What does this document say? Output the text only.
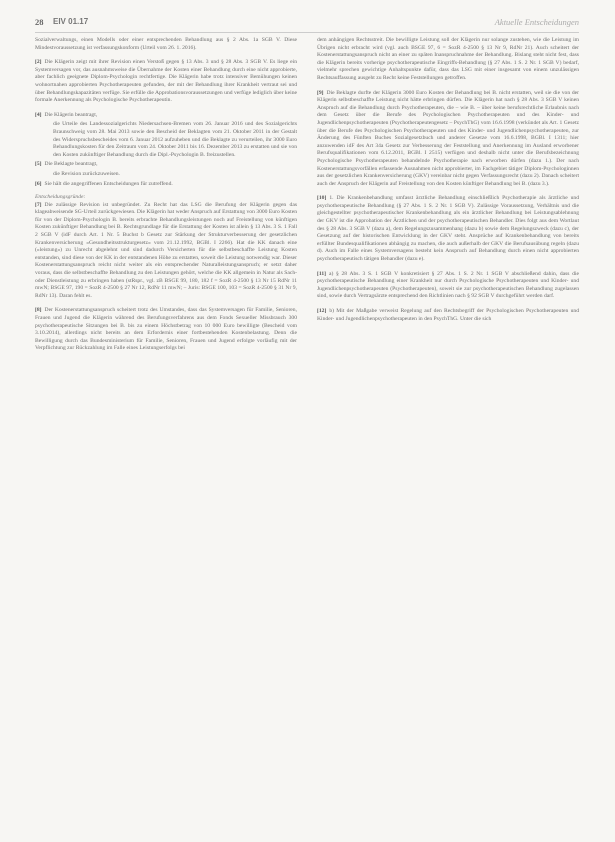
28 EIV 01.17	Aktuelle Entscheidungen

Sozialverwaltungs, einen Modells oder einer entsprechenden Behandlung aus § 2 Abs. 1a SGB V. Diese Mindestvoraussetzung ist verfassungskonform (Urteil vom 26. 1. 2016).

[2] Die Klägerin zeigt mit ihrer Revision einen Verstoß gegen § 13 Abs. 3 und § 28 Abs. 3 SGB V. Es liege ein Systemversagen vor, das ausnahmsweise die Übernahme der Kosten einer Behandlung durch eine nicht approbierte, aber fachlich geeignete Diplom-Psychologin rechtfertige. Die Klägerin habe trotz intensiver Bemühungen keinen wohnortnahen approbierten Psychotherapeuten gefunden, der mit der Behandlung ihrer Krankheit vertraut sei und über Behandlungskapazitäten verfüge. Sie erfülle die Approbationsvoraussetzungen und verfüge lediglich über keine formale Anerkennung als Psychologische Psychotherapeutin.

[4] Die Klägerin beantragt,

die Urteile des Landessozialgerichts Niedersachsen-Bremen vom 26. Januar 2016 und des Sozialgerichts Braunschweig vom 28. Mai 2013 sowie den Bescheid der Beklagten vom 21. Oktober 2011 in der Gestalt des Widerspruchsbescheides vom 6. Januar 2012 aufzuheben und die Beklagte zu verurteilen, ihr 3000 Euro Behandlungskosten für den Zeitraum vom 24. Oktober 2011 bis 16. Dezember 2013 zu erstatten und sie von den Kosten zukünftiger Behandlung durch die Dipl.-Psychologin B. freizustellen.

[5] Die Beklagte beantragt,

die Revision zurückzuweisen.

[6] Sie hält die angegriffenen Entscheidungen für zutreffend.

Entscheidungsgründe:

[7] Die zulässige Revision ist unbegründet. Zu Recht hat das LSG die Berufung der Klägerin gegen das klageabweisende SG-Urteil zurückgewiesen. Die Klägerin hat weder Anspruch auf Erstattung von 3000 Euro Kosten für von der Diplom-Psychologin B. bereits erbrachte Behandlungsleistungen noch auf Freistellung von künftigen Kosten zukünftiger Behandlung bei B. Rechtsgrundlage für die Erstattung der Kosten ist allein § 13 Abs. 3 S. 1 Fall 2 SGB V (idF durch Art. 1 Nr. 5 Buchst b Gesetz zur Stärkung der Strukturverbesserung der gesetzlichen Krankenversicherung »Gesundheitsstrukturgesetz« vom 21.12.1992, BGBl. I 2266). Hat die KK danach eine (»leistung«) zu Unrecht abgelehnt und sind dadurch Versicherten für die selbstbeschaffte Leistung Kosten entstanden, sind diese von der KK in der entstandenen Höhe zu erstatten, soweit die Leistung notwendig war. Dieser Kostenerstattungsanspruch reicht nicht weiter als ein entsprechender Naturalleistungsanspruch; er setzt daher voraus, dass die selbstbeschaffte Behandlung zu den Leistungen gehört, welche die KK allgemein in Natur als Sach- oder Dienstleistung zu erbringen haben (stRspr., vgl. zB BSGE 99, 180, 182 f = SozR 4-2500 § 13 Nr 15 RdNr 11 mwN; BSGE 97, 190 = SozR 4-2500 § 27 Nr 12, RdNr 11 mwN; – Juris: BSGE 100, 103 = SozR 4-2500 § 31 Nr 9, RdNr 13). Daran fehlt es.

[8] Der Kostenerstattungsanspruch scheitert trotz des Umstandes, dass das Systemversagen für Familie, Senioren, Frauen und Jugend die Klägerin während des Berufungsverfahrens aus dem Fonds Sexueller Missbrauch 300 psychotherapeutische Sitzungen bei B. bis zu einem Höchstbetrag von 10 000 Euro bewilligte (Bescheid vom 3.10.2014), allerdings nicht bereits an dem Erfordernis einer fortbestehenden Kostenbelastung. Denn die Bewilligung durch das Bundesministerium für Familie, Senioren, Frauen und Jugend erfolgte vorläufig mit der Verpflichtung zur Rückzahlung im Falle eines Leistungserfolgs bei

dem anhängigen Rechtsstreit. Die bewilligte Leistung soll der Klägerin nur solange zustehen, wie die Leistung im Übrigen nicht erbracht wird (vgl. auch BSGE 97, 6 = SozR 4-2500 § 13 Nr 9, RdNr 21). Auch scheitert der Kostenerstattungsanspruch nicht an einer zu späten Inanspruchnahme der Behandlung. Bislang steht nicht fest, dass die Klägerin bereits vorherige psychotherapeutische Eingriffs-Behandlung (§ 27 Abs. 1 S. 2 Nr. 1 SGB V) bedarf, vielmehr sprechen gewichtige Anhaltspunkte dafür, dass das LSG mit einer insgesamt von einem unzulässigen Rechtsauffassung ausgeht zu Recht keine Feststellungen getroffen.

[9] Die Beklagte durfte der Klägerin 3000 Euro Kosten der Behandlung bei B. nicht erstatten, weil sie die von der Klägerin selbstbeschaffte Leistung nicht hätte erbringen dürfen. Die Klägerin hat nach § 28 Abs. 3 SGB V keinen Anspruch auf die Behandlung durch Psychotherapeuten, die – wie B. – über keine berufsrechtliche Erlaubnis nach dem Gesetz über die Berufe des Psychologischen Psychotherapeuten und des Kinder- und Jugendlichenpsychotherapeuten (Psychotherapeutengesetz – PsychThG) vom 16.6.1998 (verkündet als Art. 1 Gesetz über die Berufe des Psychologischen Psychotherapeuten und des Kinder- und Jugendlichenpsychotherapeuten, zur Änderung des Fünften Buches Sozialgesetzbuch und anderer Gesetze vom 16.6.1998, BGBl. I 1311; hier anzuwenden idF des Art 34a Gesetz zur Verbesserung der Feststellung und Anerkennung im Ausland erworbener Berufsqualifikationen vom 6.12.2011, BGBl. I 2515) verfügen und deshalb nicht unter die Berufsbezeichnung Psychologische Psychotherapeuten behandelnde Psychotherapie nach erworben dürfen (dazu 1.). Der nach Kostenerstattungsvorfällen erfassende Ausnahmen nicht approbierter, im Fachgebiet tätiger Diplom-Psychologinnen aus der gesetzlichen Krankenversicherung (GKV) vereinbar nicht gegen Verfassungsrecht (dazu 2). Danach scheitert auch der Anspruch der Klägerin auf Freistellung von den Kosten künftiger Behandlung bei B. (dazu 3.).

[10] 1. Die Krankenbehandlung umfasst ärztliche Behandlung einschließlich Psychotherapie als ärztliche und psychotherapeutische Behandlung (§ 27 Abs. 1 S. 2 Nr. 1 SGB V). Zulässige Voraussetzung, Verhältnis und die gleichgestellter psychotherapeutischer Krankenbehandlung als ein ärztlicher Behandlung bei Leistungsablehnung der GKV ist die Approbation der Ärztlichen und der psychotherapeutischen Behandler. Dies folgt aus dem Wortlaut des § 28 Abs. 3 SGB V (dazu a), dem Regelungszusammenhang (dazu b) sowie dem Regelungszweck (dazu c), der Gesetzung auf der historischen Entwicklung in der GKV steht. Ansprüche auf Krankenbehandlung von bereits erfüllter Bundesqualifikationen abhängig zu machen, die auch außerhalb der GKV die Berufsausübung regeln (dazu d). Auch im Falle eines Systemversagens besteht kein Anspruch auf Behandlung durch einen nicht approbierten psychotherapeutisch tätigen Behandler (dazu e).

[11] a) § 28 Abs. 3 S. 1 SGB V konkretisiert § 27 Abs. 1 S. 2 Nr. 1 SGB V abschließend dahin, dass die psychotherapeutische Behandlung einer Krankheit nur durch Psychologische Psychotherapeuten und Kinder- und Jugendlichenpsychotherapeuten (Psychotherapeuten), soweit sie zur psychotherapeutischen Behandlung zugelassen sind, sowie durch Vertragsärzte entsprechend den Richtlinien nach § 92 SGB V durchgeführt werden darf.

[12] b) Mit der Maßgabe verweist Regelung auf den Rechtsbegriff der Psychologischen Psychotherapeuten und Kinder- und Jugendlichenpsychotherapeuten in den PsychThG. Unter die sich
